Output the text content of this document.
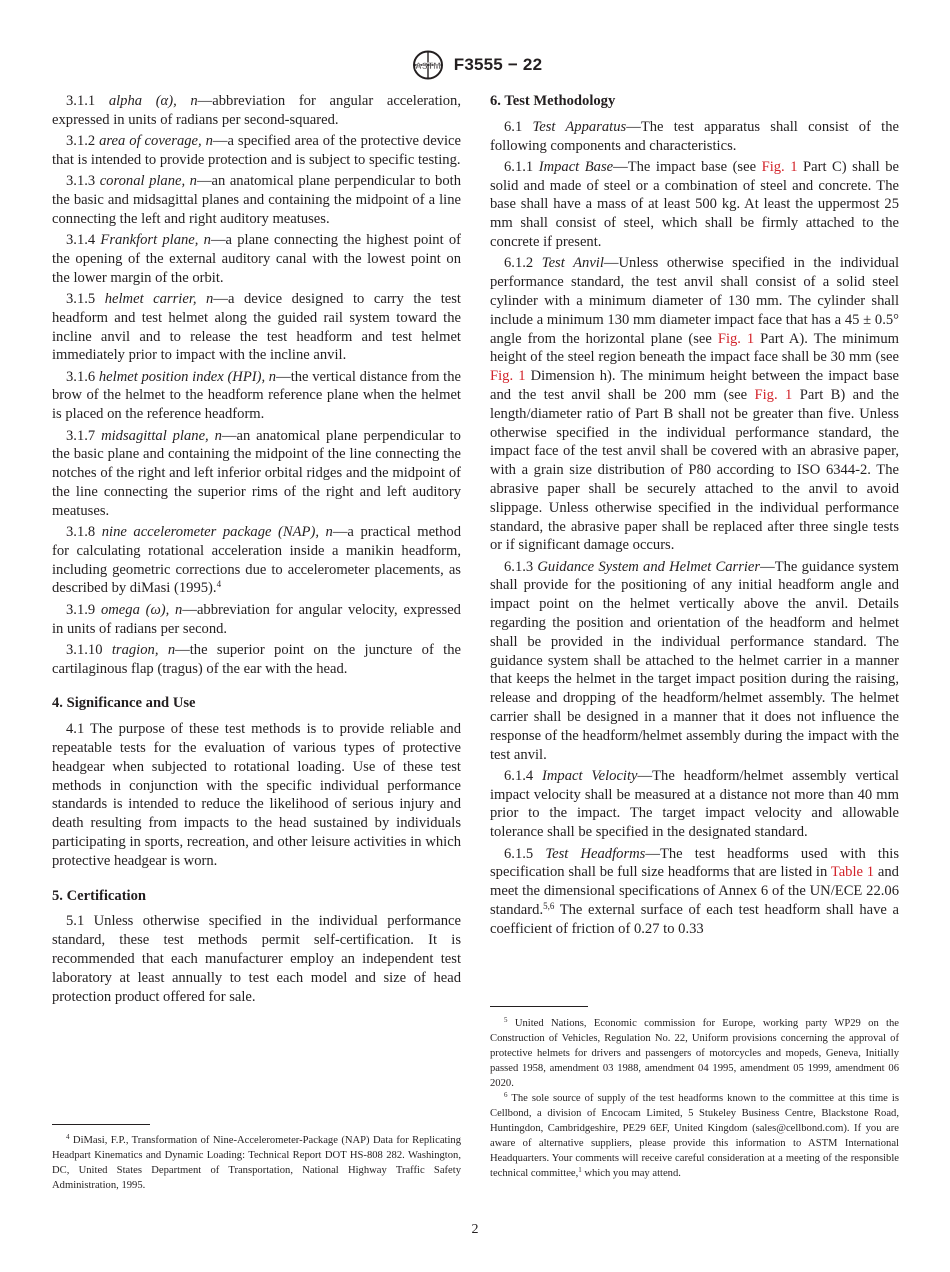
ASTM F3555 − 22

3.1.1 alpha (α), n—abbreviation for angular acceleration, expressed in units of radians per second-squared.

3.1.2 area of coverage, n—a specified area of the protective device that is intended to provide protection and is subject to specific testing.

3.1.3 coronal plane, n—an anatomical plane perpendicular to both the basic and midsagittal planes and containing the midpoint of a line connecting the left and right auditory meatuses.

3.1.4 Frankfort plane, n—a plane connecting the highest point of the opening of the external auditory canal with the lowest point on the lower margin of the orbit.

3.1.5 helmet carrier, n—a device designed to carry the test headform and test helmet along the guided rail system toward the incline anvil and to release the test headform and test helmet immediately prior to impact with the incline anvil.

3.1.6 helmet position index (HPI), n—the vertical distance from the brow of the helmet to the headform reference plane when the helmet is placed on the reference headform.

3.1.7 midsagittal plane, n—an anatomical plane perpendicular to the basic plane and containing the midpoint of the line connecting the notches of the right and left inferior orbital ridges and the midpoint of the line connecting the superior rims of the right and left auditory meatuses.

3.1.8 nine accelerometer package (NAP), n—a practical method for calculating rotational acceleration inside a manikin headform, including geometric corrections due to accelerometer placements, as described by diMasi (1995).$^4$

3.1.9 omega (ω), n—abbreviation for angular velocity, expressed in units of radians per second.

3.1.10 tragion, n—the superior point on the juncture of the cartilaginous flap (tragus) of the ear with the head.

4. Significance and Use

4.1 The purpose of these test methods is to provide reliable and repeatable tests for the evaluation of various types of protective headgear when subjected to rotational loading. Use of these test methods in conjunction with the specific individual performance standards is intended to reduce the likelihood of serious injury and death resulting from impacts to the head sustained by individuals participating in sports, recreation, and other leisure activities in which protective headgear is worn.

5. Certification

5.1 Unless otherwise specified in the individual performance standard, these test methods permit self-certification. It is recommended that each manufacturer employ an independent test laboratory at least annually to test each model and size of head protection product offered for sale.

$^4$ DiMasi, F.P., Transformation of Nine-Accelerometer-Package (NAP) Data for Replicating Headpart Kinematics and Dynamic Loading: Technical Report DOT HS-808 282. Washington, DC, United States Department of Transportation, National Highway Traffic Safety Administration, 1995.

6. Test Methodology

6.1 Test Apparatus—The test apparatus shall consist of the following components and characteristics.

6.1.1 Impact Base—The impact base (see Fig. 1 Part C) shall be solid and made of steel or a combination of steel and concrete. The base shall have a mass of at least 500 kg. At least the uppermost 25 mm shall consist of steel, which shall be firmly attached to the concrete if present.

6.1.2 Test Anvil—Unless otherwise specified in the individual performance standard, the test anvil shall consist of a solid steel cylinder with a minimum diameter of 130 mm. The cylinder shall include a minimum 130 mm diameter impact face that has a 45 ± 0.5° angle from the horizontal plane (see Fig. 1 Part A). The minimum height of the steel region beneath the impact face shall be 30 mm (see Fig. 1 Dimension h). The minimum height between the impact base and the test anvil shall be 200 mm (see Fig. 1 Part B) and the length/diameter ratio of Part B shall not be greater than five. Unless otherwise specified in the individual performance standard, the impact face of the test anvil shall be covered with an abrasive paper, with a grain size distribution of P80 according to ISO 6344-2. The abrasive paper shall be securely attached to the anvil to avoid slippage. Unless otherwise specified in the individual performance standard, the abrasive paper shall be replaced after three single tests or if significant damage occurs.

6.1.3 Guidance System and Helmet Carrier—The guidance system shall provide for the positioning of any initial headform angle and impact point on the helmet vertically above the anvil. Details regarding the position and orientation of the headform and helmet shall be provided in the individual performance standard. The guidance system shall be attached to the helmet carrier in a manner that keeps the helmet in the target impact position during the raising, release and dropping of the headform/helmet assembly. The helmet carrier shall be designed in a manner that it does not influence the response of the headform/helmet assembly during the impact with the test anvil.

6.1.4 Impact Velocity—The headform/helmet assembly vertical impact velocity shall be measured at a distance not more than 40 mm prior to the impact. The target impact velocity and allowable tolerance shall be specified in the designated standard.

6.1.5 Test Headforms—The test headforms used with this specification shall be full size headforms that are listed in Table 1 and meet the dimensional specifications of Annex 6 of the UN/ECE 22.06 standard.$^{5,6}$ The external surface of each test headform shall have a coefficient of friction of 0.27 to 0.33

$^5$ United Nations, Economic commission for Europe, working party WP29 on the Construction of Vehicles, Regulation No. 22, Uniform provisions concerning the approval of protective helmets for drivers and passengers of motorcycles and mopeds, Geneva, Initially passed 1958, amendment 03 1988, amendment 04 1995, amendment 05 1999, amendment 06 2020.

$^6$ The sole source of supply of the test headforms known to the committee at this time is Cellbond, a division of Encocam Limited, 5 Stukeley Business Centre, Blackstone Road, Huntingdon, Cambridgeshire, PE29 6EF, United Kingdom (sales@cellbond.com). If you are aware of alternative suppliers, please provide this information to ASTM International Headquarters. Your comments will receive careful consideration at a meeting of the responsible technical committee,$^1$ which you may attend.

2
